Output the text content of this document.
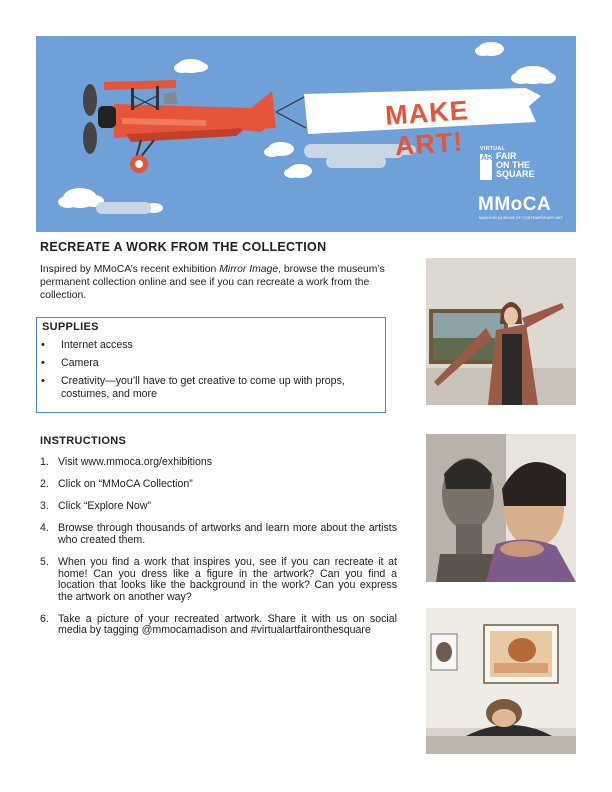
MAKE ART!	VIRTUAL
ART
FAIR
ON THE
SQUARE
MMoCA
MADISON MUSEUM OF CONTEMPORARY ART
RECREATE A WORK FROM THE COLLECTION
Inspired by MMoCA’s recent exhibition Mirror Image, browse the museum’s permanent collection online and see if you can recreate a work from the collection.
SUPPLIES
• Internet access
• Camera
• Creativity—you’ll have to get creative to come up with props, costumes, and more
INSTRUCTIONS
1. Visit www.mmoca.org/exhibitions
2. Click on “MMoCA Collection”
3. Click “Explore Now”
4. Browse through thousands of artworks and learn more about the artists who created them.
5. When you find a work that inspires you, see if you can recreate it at home! Can you dress like a figure in the artwork? Can you find a location that looks like the background in the work? Can you express the artwork on another way?
6. Take a picture of your recreated artwork. Share it with us on social media by tagging @mmocamadison and #virtualartfaironthesquare
